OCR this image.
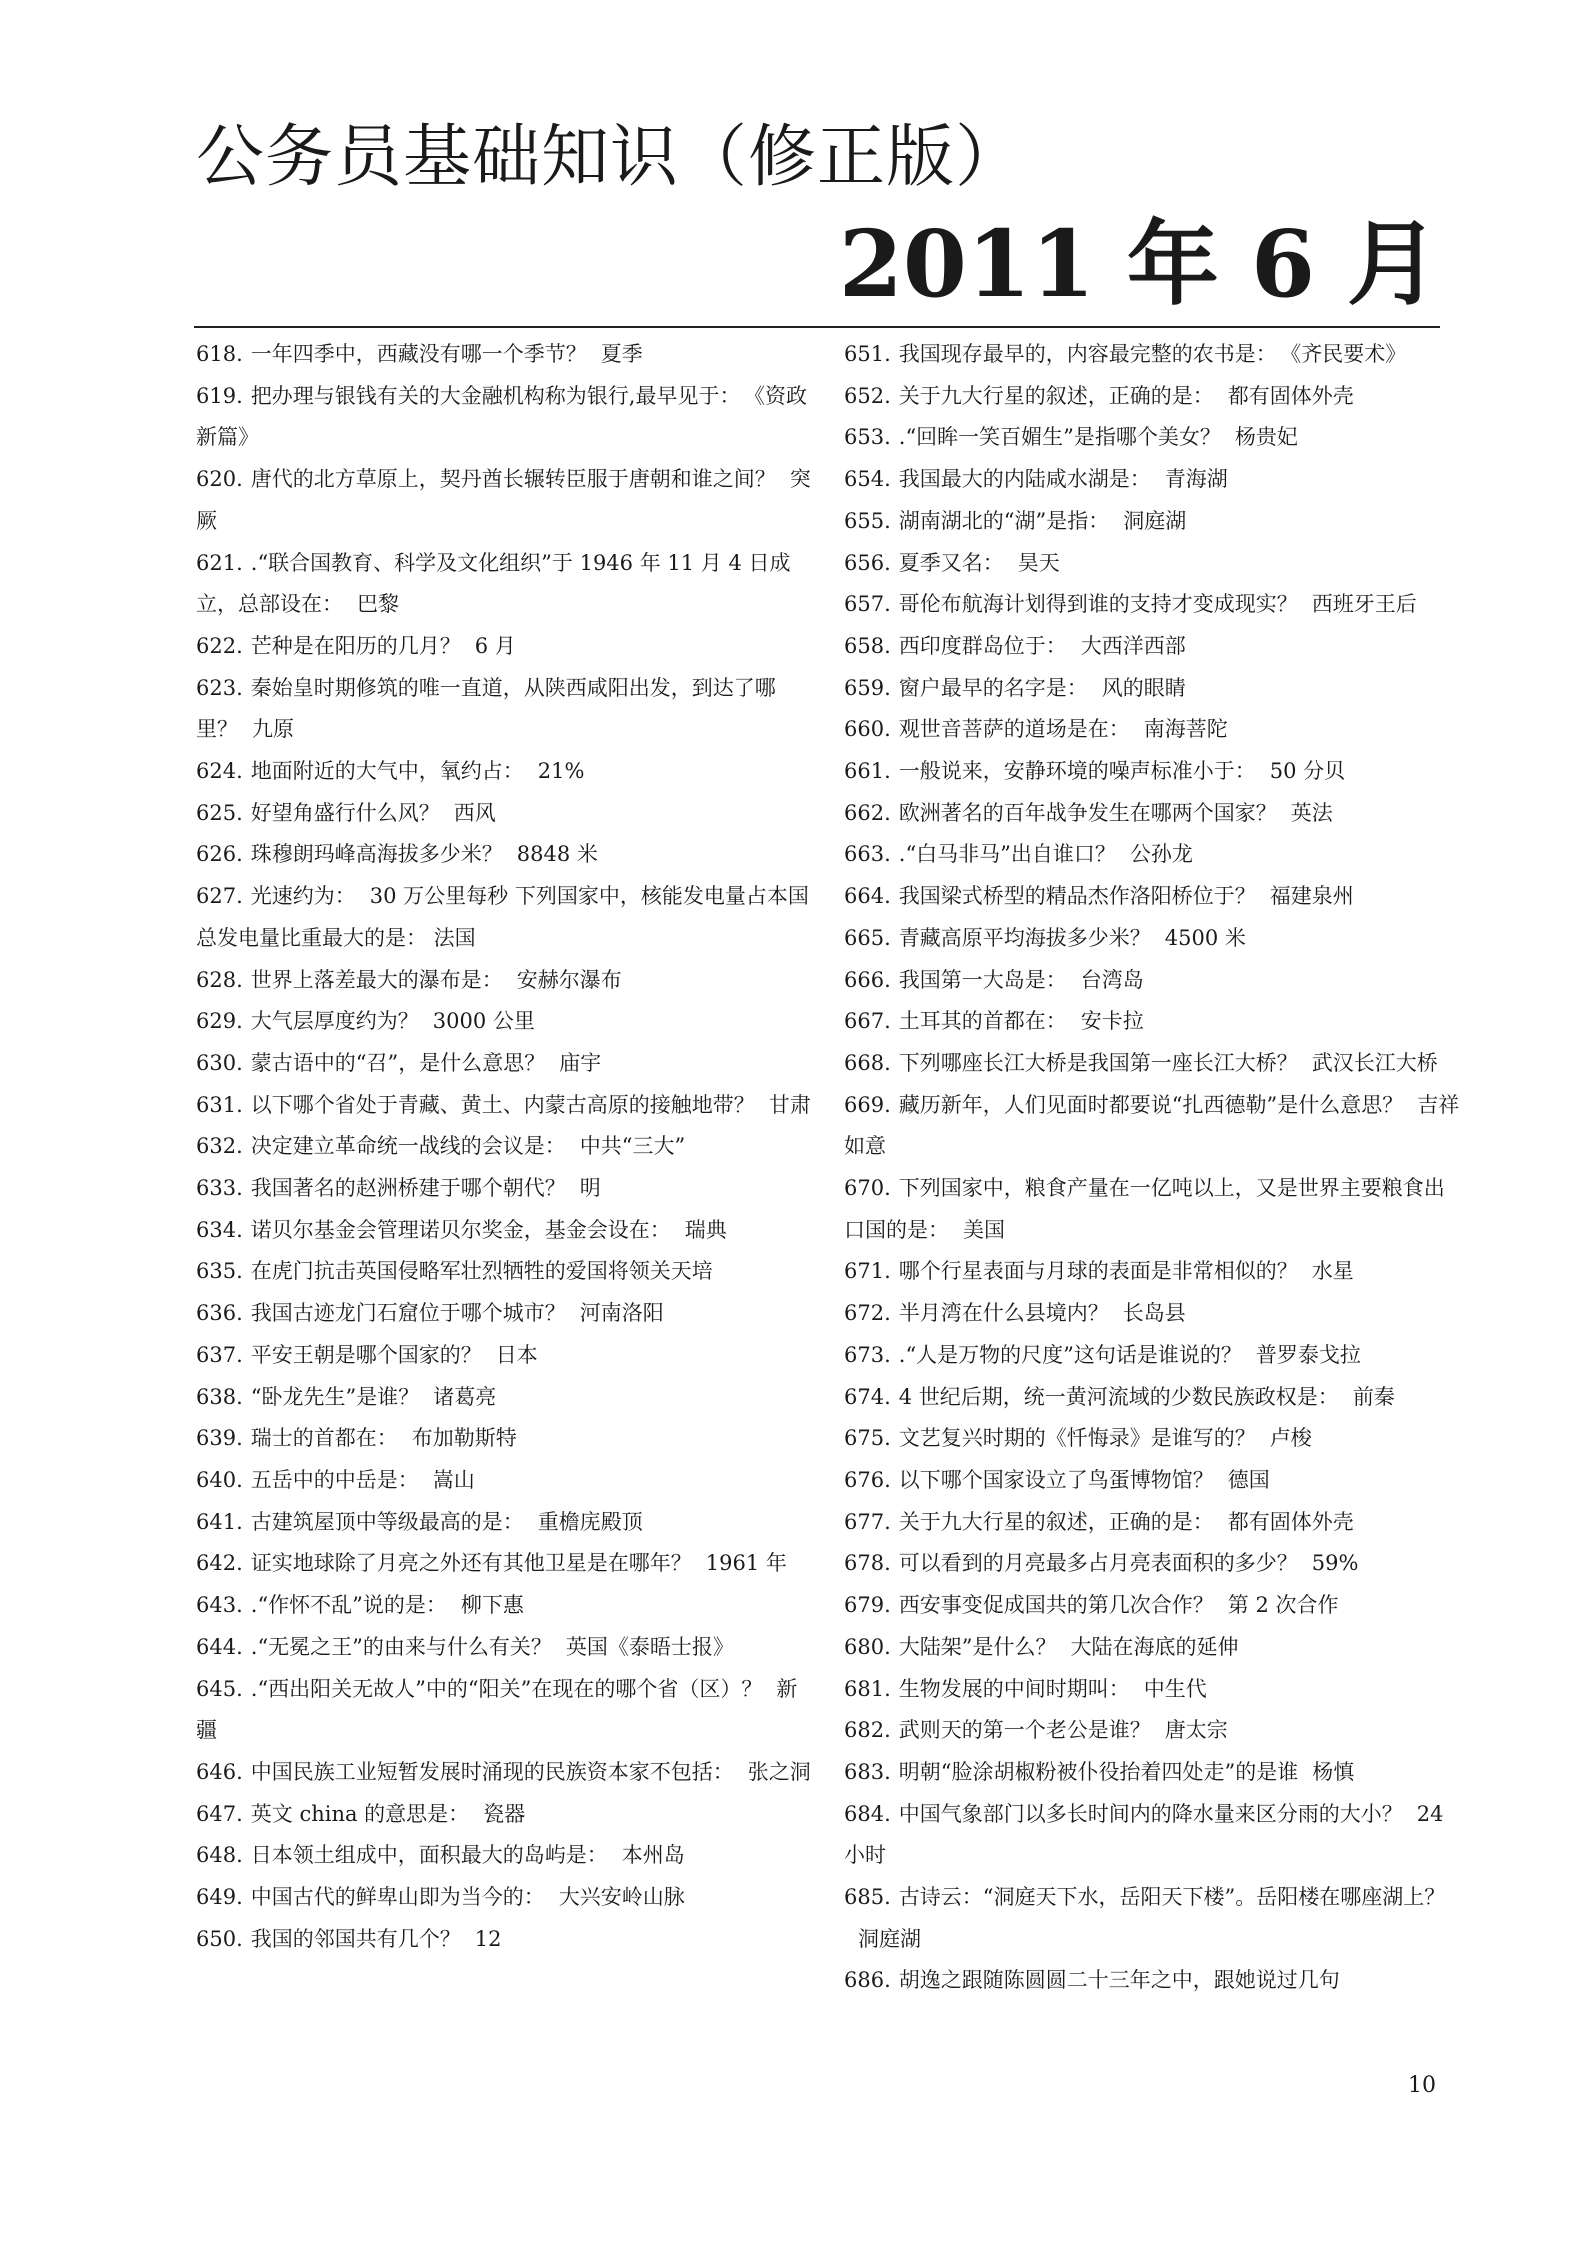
公务员基础知识（修正版）
2011 年 6 月

618. 一年四季中，西藏没有哪一个季节？ 夏季

619. 把办理与银钱有关的大金融机构称为银行,最早见于： 《资政新篇》

620. 唐代的北方草原上，契丹酋长辗转臣服于唐朝和谁之间？ 突厥

621. .“联合国教育、科学及文化组织”于 1946 年 11 月 4 日成立，总部设在： 巴黎

622. 芒种是在阳历的几月？ 6 月

623. 秦始皇时期修筑的唯一直道，从陕西咸阳出发，到达了哪里？ 九原

624. 地面附近的大气中，氧约占： 21%

625. 好望角盛行什么风？ 西风

626. 珠穆朗玛峰高海拔多少米？ 8848 米

627. 光速约为： 30 万公里每秒 下列国家中，核能发电量占本国总发电量比重最大的是： 法国

628. 世界上落差最大的瀑布是： 安赫尔瀑布

629. 大气层厚度约为？ 3000 公里

630. 蒙古语中的“召”，是什么意思？ 庙宇

631. 以下哪个省处于青藏、黄土、内蒙古高原的接触地带？ 甘肃

632. 决定建立革命统一战线的会议是： 中共“三大”

633. 我国著名的赵洲桥建于哪个朝代？ 明

634. 诺贝尔基金会管理诺贝尔奖金，基金会设在： 瑞典

635. 在虎门抗击英国侵略军壮烈牺牲的爱国将领关天培

636. 我国古迹龙门石窟位于哪个城市？ 河南洛阳

637. 平安王朝是哪个国家的？ 日本

638. “卧龙先生”是谁？ 诸葛亮

639. 瑞士的首都在： 布加勒斯特

640. 五岳中的中岳是： 嵩山

641. 古建筑屋顶中等级最高的是： 重檐庑殿顶

642. 证实地球除了月亮之外还有其他卫星是在哪年？ 1961 年

643. .“作怀不乱”说的是： 柳下惠

644. .“无冕之王”的由来与什么有关？ 英国《泰晤士报》

645. .“西出阳关无故人”中的“阳关”在现在的哪个省（区）？ 新疆

646. 中国民族工业短暂发展时涌现的民族资本家不包括： 张之洞

647. 英文 china 的意思是： 瓷器

648. 日本领土组成中，面积最大的岛屿是： 本州岛

649. 中国古代的鲜卑山即为当今的： 大兴安岭山脉

650. 我国的邻国共有几个？ 12

651. 我国现存最早的，内容最完整的农书是： 《齐民要术》

652. 关于九大行星的叙述，正确的是： 都有固体外壳

653. .“回眸一笑百媚生”是指哪个美女？ 杨贵妃

654. 我国最大的内陆咸水湖是： 青海湖

655. 湖南湖北的“湖”是指： 洞庭湖

656. 夏季又名： 昊天

657. 哥伦布航海计划得到谁的支持才变成现实？ 西班牙王后

658. 西印度群岛位于： 大西洋西部

659. 窗户最早的名字是： 风的眼睛

660. 观世音菩萨的道场是在： 南海菩陀

661. 一般说来，安静环境的噪声标准小于： 50 分贝

662. 欧洲著名的百年战争发生在哪两个国家？ 英法

663. .“白马非马”出自谁口？ 公孙龙

664. 我国梁式桥型的精品杰作洛阳桥位于？ 福建泉州

665. 青藏高原平均海拔多少米？ 4500 米

666. 我国第一大岛是： 台湾岛

667. 土耳其的首都在： 安卡拉

668. 下列哪座长江大桥是我国第一座长江大桥？ 武汉长江大桥

669. 藏历新年，人们见面时都要说“扎西德勒”是什么意思？ 吉祥如意

670. 下列国家中，粮食产量在一亿吨以上，又是世界主要粮食出口国的是： 美国

671. 哪个行星表面与月球的表面是非常相似的？ 水星

672. 半月湾在什么县境内？ 长岛县

673. .“人是万物的尺度”这句话是谁说的？ 普罗泰戈拉

674. 4 世纪后期，统一黄河流域的少数民族政权是： 前秦

675. 文艺复兴时期的《忏悔录》是谁写的？ 卢梭

676. 以下哪个国家设立了鸟蛋博物馆？ 德国

677. 关于九大行星的叙述，正确的是： 都有固体外壳

678. 可以看到的月亮最多占月亮表面积的多少？ 59%

679. 西安事变促成国共的第几次合作？ 第 2 次合作

680. 大陆架”是什么？ 大陆在海底的延伸

681. 生物发展的中间时期叫： 中生代

682. 武则天的第一个老公是谁？ 唐太宗

683. 明朝“脸涂胡椒粉被仆役抬着四处走”的是谁 杨慎

684. 中国气象部门以多长时间内的降水量来区分雨的大小？ 24 小时

685. 古诗云：“洞庭天下水，岳阳天下楼”。岳阳楼在哪座湖上？洞庭湖

686. 胡逸之跟随陈圆圆二十三年之中，跟她说过几句

10
